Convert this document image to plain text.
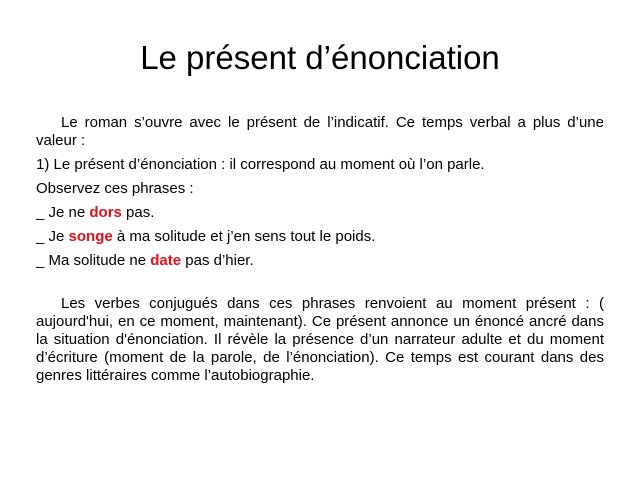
Le présent d’énonciation

Le roman s’ouvre avec le présent de l’indicatif. Ce temps verbal a plus d’une valeur :

1) Le présent d’énonciation : il correspond au moment où l’on parle.

Observez ces phrases :

_ Je ne dors pas.

_ Je songe à ma solitude et j’en sens tout le poids.

_ Ma solitude ne date pas d’hier.

Les verbes conjugués dans ces phrases renvoient au moment présent : ( aujourd'hui, en ce moment, maintenant). Ce présent annonce un énoncé ancré dans la situation d'énonciation. Il révèle la présence d’un narrateur adulte et du moment d’écriture (moment de la parole, de l’énonciation). Ce temps est courant dans des genres littéraires comme l’autobiographie.
